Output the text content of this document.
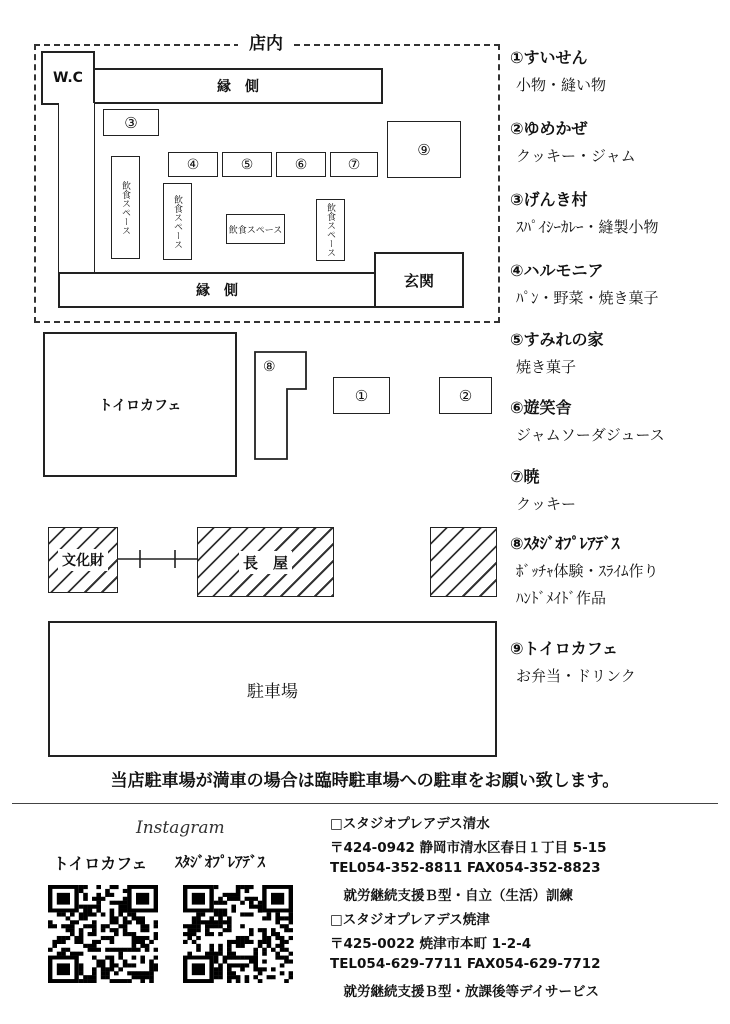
店内
W.C
縁　側
縁　側
玄関
③
④	⑤	⑥	⑦
⑨
飲食スペース	飲食スペース	飲食スペース	飲食スペース
トイロカフェ
⑧
①	②
文化財	長　屋
駐車場
①すいせん
小物・縫い物
②ゆめかぜ
クッキー・ジャム
③げんき村
ｽﾊﾟｲｼｰｶﾚｰ・縫製小物
④ハルモニア
ﾊﾟﾝ・野菜・焼き菓子
⑤すみれの家
焼き菓子
⑥遊笑舎
ジャムソーダジュース
⑦暁
クッキー
⑧ｽﾀｼﾞｵﾌﾟﾚｱﾃﾞｽ
ﾎﾞｯﾁｬ体験・ｽﾗｲﾑ作り
ﾊﾝﾄﾞﾒｲﾄﾞ作品
⑨トイロカフェ
お弁当・ドリンク
当店駐車場が満車の場合は臨時駐車場への駐車をお願い致します。
Instagram
トイロカフェ ｽﾀｼﾞｵﾌﾟﾚｱﾃﾞｽ
□スタジオプレアデス清水
〒424-0942 静岡市清水区春日１丁目 5-15
TEL054-352-8811 FAX054-352-8823
　就労継続支援Ｂ型・自立（生活）訓練
□スタジオプレアデス焼津
〒425-0022 焼津市本町 1-2-4
TEL054-629-7711 FAX054-629-7712
　就労継続支援Ｂ型・放課後等デイサービス
